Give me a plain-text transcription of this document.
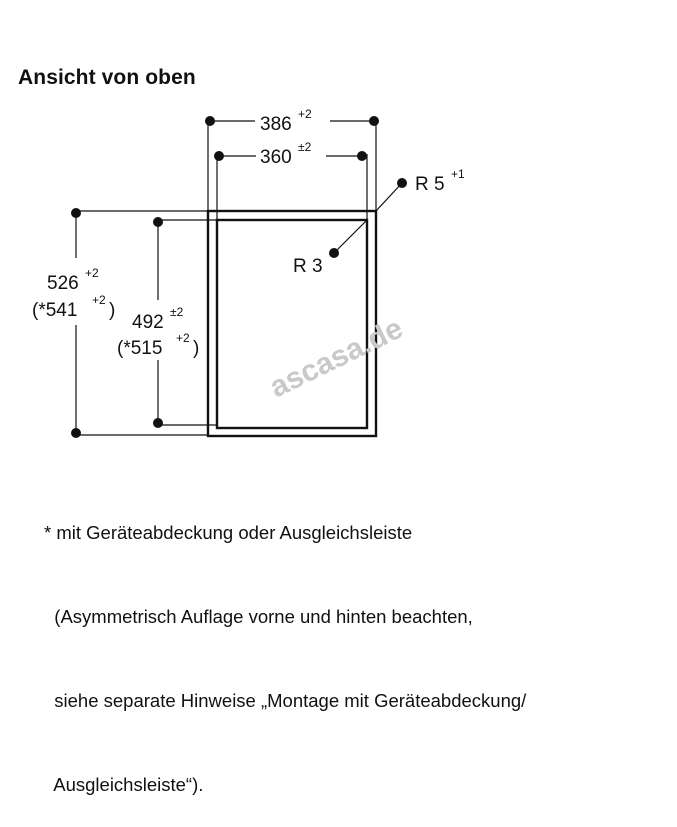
Ansicht von oben
386 +2
360 ±2
R 5 +1
R 3
526 +2
(*541 +2 )
492 ±2
(*515 +2 ) ascasa.de

* mit Geräteabdeckung oder Ausgleichsleiste

(Asymmetrisch Auflage vorne und hinten beachten,

siehe separate Hinweise „Montage mit Geräteabdeckung/

Ausgleichsleiste“).
